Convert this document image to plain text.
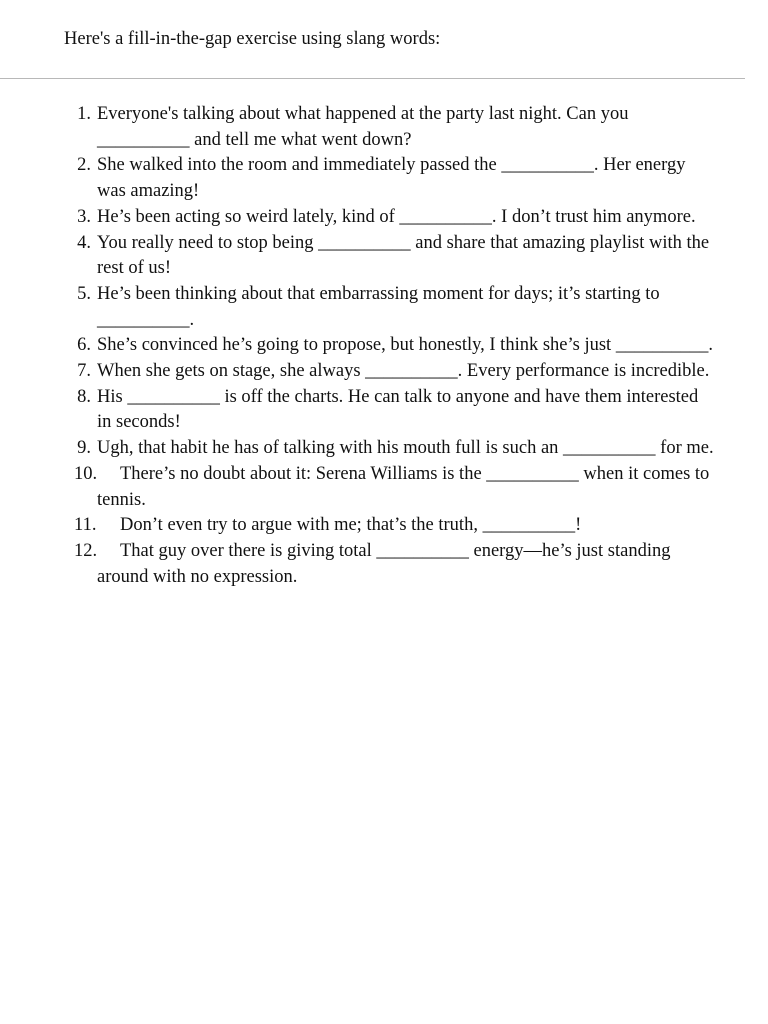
Here's a fill-in-the-gap exercise using slang words:

1. Everyone's talking about what happened at the party last night. Can you __________ and tell me what went down?
2. She walked into the room and immediately passed the __________. Her energy was amazing!
3. He’s been acting so weird lately, kind of __________. I don’t trust him anymore.
4. You really need to stop being __________ and share that amazing playlist with the rest of us!
5. He’s been thinking about that embarrassing moment for days; it’s starting to __________.
6. She’s convinced he’s going to propose, but honestly, I think she’s just __________.
7. When she gets on stage, she always __________. Every performance is incredible.
8. His __________ is off the charts. He can talk to anyone and have them interested in seconds!
9. Ugh, that habit he has of talking with his mouth full is such an __________ for me.
10.	There’s no doubt about it: Serena Williams is the __________ when it comes to tennis.
11.	Don’t even try to argue with me; that’s the truth, __________!
12.	That guy over there is giving total __________ energy—he’s just standing around with no expression.
